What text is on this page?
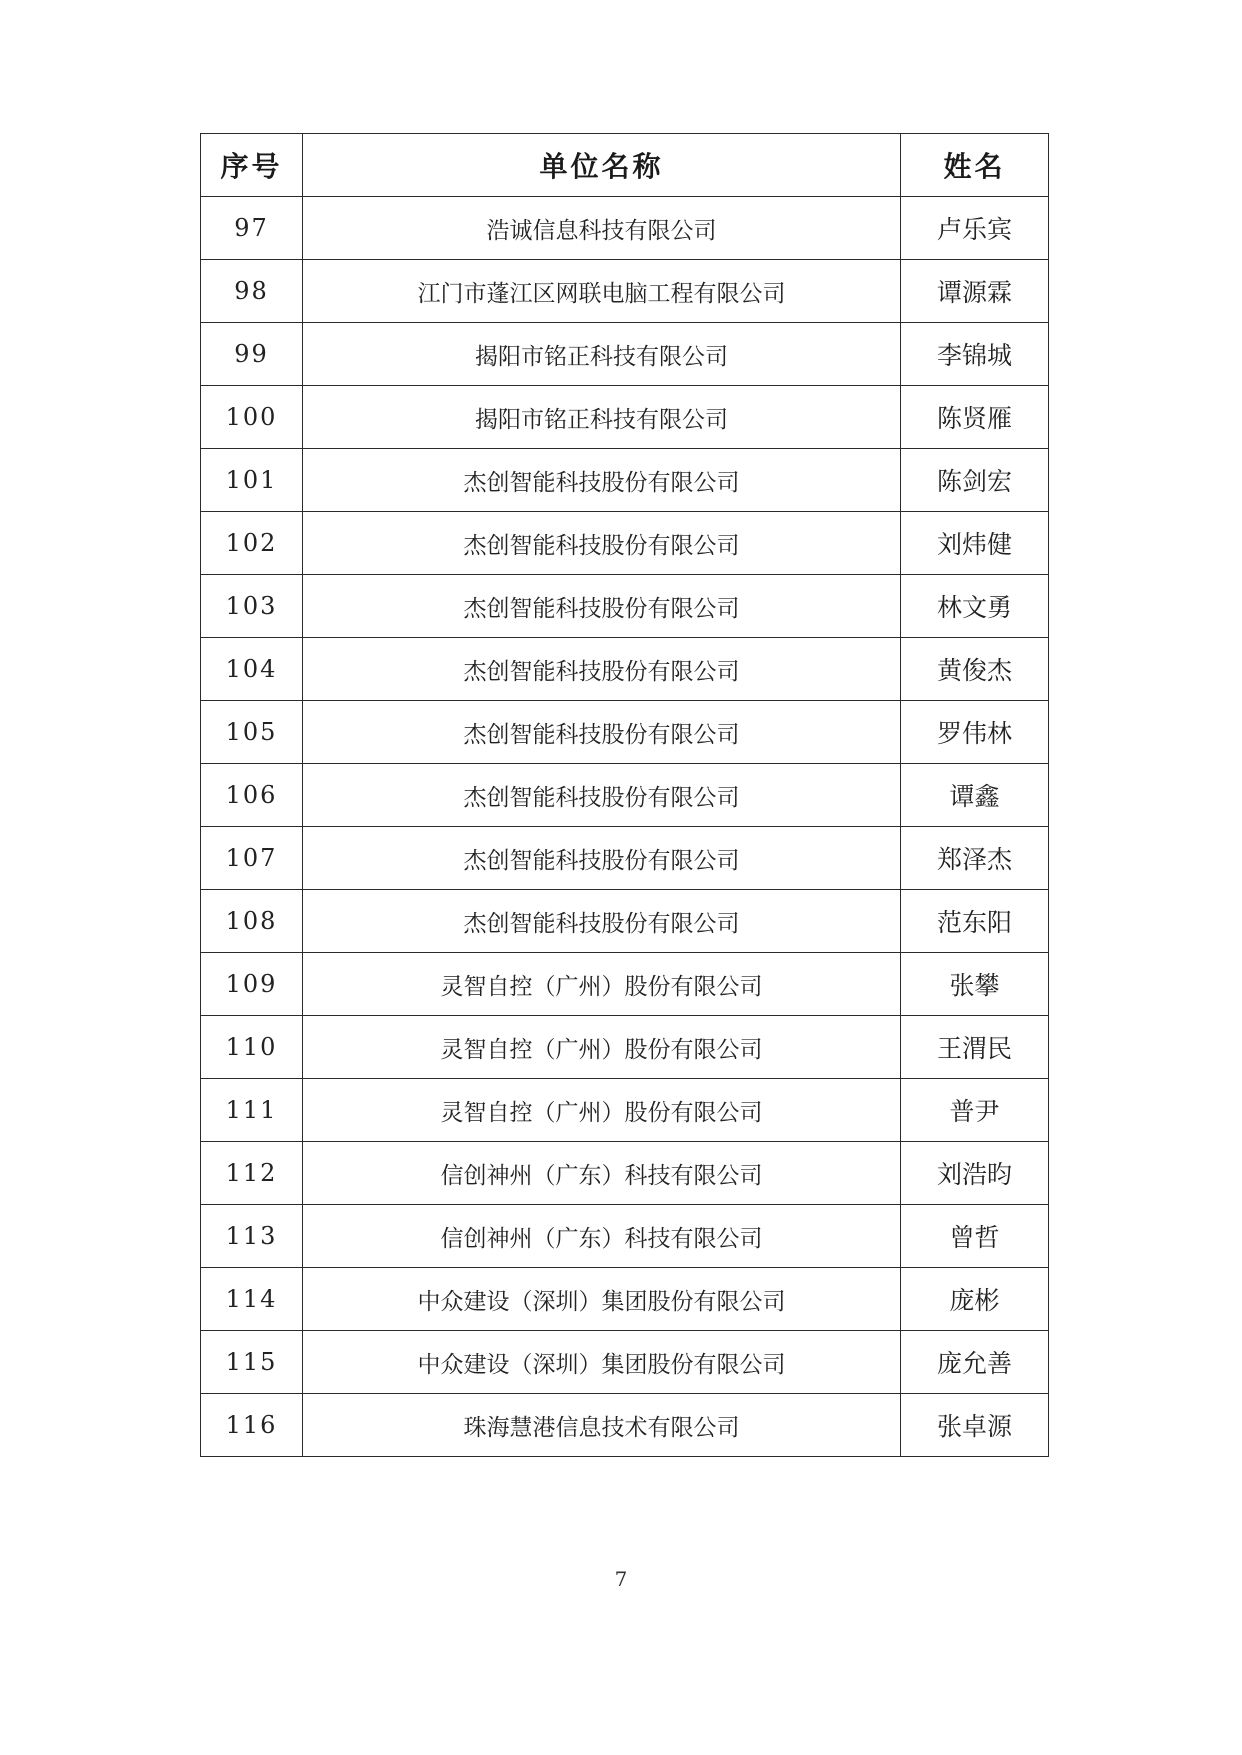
序号	单位名称	姓名
97	浩诚信息科技有限公司	卢乐宾
98	江门市蓬江区网联电脑工程有限公司	谭源霖
99	揭阳市铭正科技有限公司	李锦城
100	揭阳市铭正科技有限公司	陈贤雁
101	杰创智能科技股份有限公司	陈剑宏
102	杰创智能科技股份有限公司	刘炜健
103	杰创智能科技股份有限公司	林文勇
104	杰创智能科技股份有限公司	黄俊杰
105	杰创智能科技股份有限公司	罗伟林
106	杰创智能科技股份有限公司	谭鑫
107	杰创智能科技股份有限公司	郑泽杰
108	杰创智能科技股份有限公司	范东阳
109	灵智自控（广州）股份有限公司	张攀
110	灵智自控（广州）股份有限公司	王渭民
111	灵智自控（广州）股份有限公司	普尹
112	信创神州（广东）科技有限公司	刘浩昀
113	信创神州（广东）科技有限公司	曾哲
114	中众建设（深圳）集团股份有限公司	庞彬
115	中众建设（深圳）集团股份有限公司	庞允善
116	珠海慧港信息技术有限公司	张卓源
7
